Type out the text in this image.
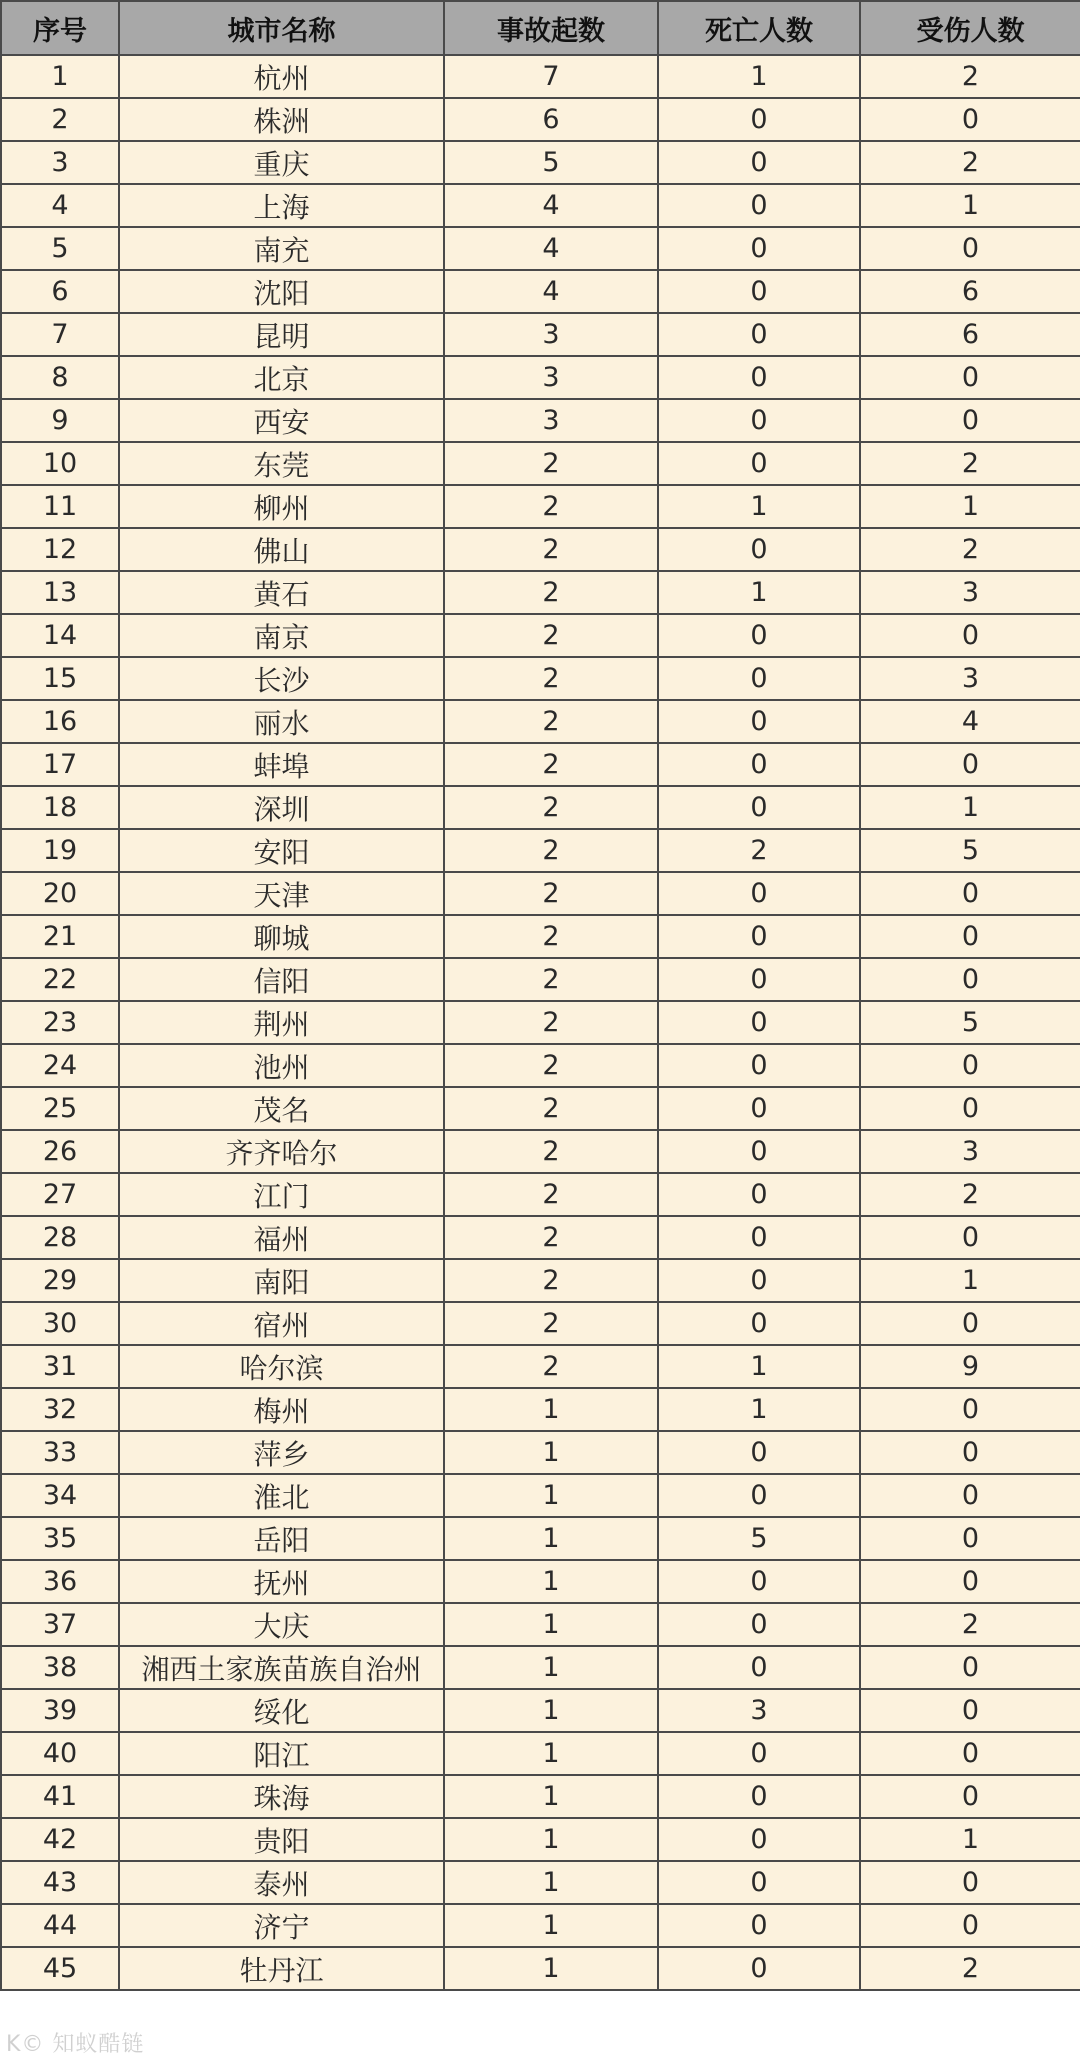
序号	城市名称	事故起数	死亡人数	受伤人数
1	杭州	7	1	2
2	株洲	6	0	0
3	重庆	5	0	2
4	上海	4	0	1
5	南充	4	0	0
6	沈阳	4	0	6
7	昆明	3	0	6
8	北京	3	0	0
9	西安	3	0	0
10	东莞	2	0	2
11	柳州	2	1	1
12	佛山	2	0	2
13	黄石	2	1	3
14	南京	2	0	0
15	长沙	2	0	3
16	丽水	2	0	4
17	蚌埠	2	0	0
18	深圳	2	0	1
19	安阳	2	2	5
20	天津	2	0	0
21	聊城	2	0	0
22	信阳	2	0	0
23	荆州	2	0	5
24	池州	2	0	0
25	茂名	2	0	0
26	齐齐哈尔	2	0	3
27	江门	2	0	2
28	福州	2	0	0
29	南阳	2	0	1
30	宿州	2	0	0
31	哈尔滨	2	1	9
32	梅州	1	1	0
33	萍乡	1	0	0
34	淮北	1	0	0
35	岳阳	1	5	0
36	抚州	1	0	0
37	大庆	1	0	2
38	湘西土家族苗族自治州	1	0	0
39	绥化	1	3	0
40	阳江	1	0	0
41	珠海	1	0	0
42	贵阳	1	0	1
43	泰州	1	0	0
44	济宁	1	0	0
45	牡丹江	1	0	2
K© 知蚁酷链
